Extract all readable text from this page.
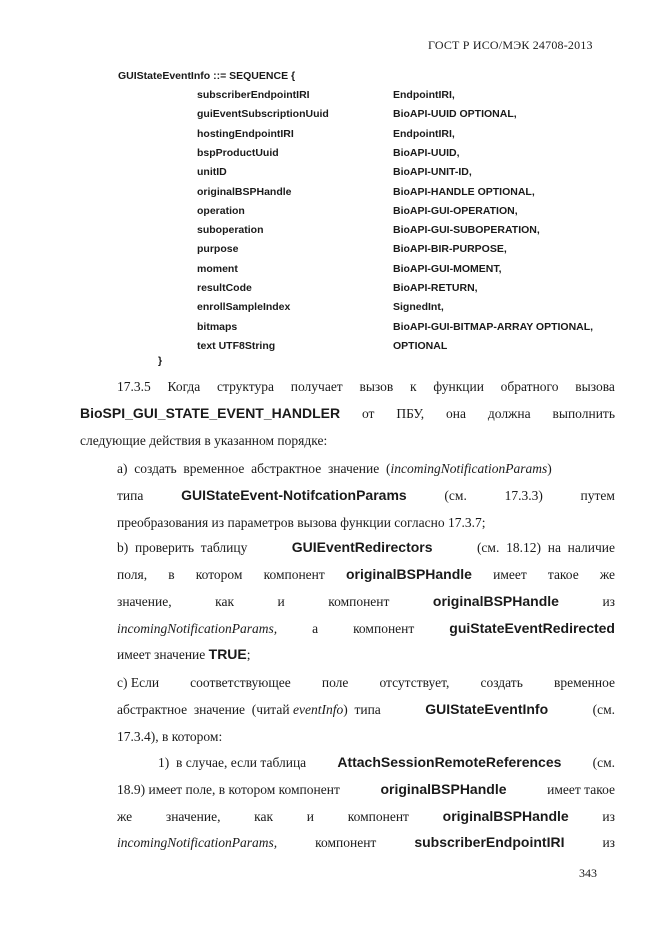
ГОСТ Р ИСО/МЭК 24708-2013
GUIStateEventInfo ::= SEQUENCE {
subscriberEndpointIRI	EndpointIRI,
guiEventSubscriptionUuid	BioAPI-UUID OPTIONAL,
hostingEndpointIRI	EndpointIRI,
bspProductUuid	BioAPI-UUID,
unitID	BioAPI-UNIT-ID,
originalBSPHandle	BioAPI-HANDLE OPTIONAL,
operation	BioAPI-GUI-OPERATION,
suboperation	BioAPI-GUI-SUBOPERATION,
purpose	BioAPI-BIR-PURPOSE,
moment	BioAPI-GUI-MOMENT,
resultCode	BioAPI-RETURN,
enrollSampleIndex	SignedInt,
bitmaps	BioAPI-GUI-BITMAP-ARRAY OPTIONAL,
text UTF8String	OPTIONAL
}
17.3.5 Когда структура получает вызов к функции обратного вызова
BioSPI_GUI_STATE_EVENT_HANDLER от ПБУ, она должна выполнить
следующие действия в указанном порядке:
а)  создать  временное  абстрактное  значение  (incomingNotificationParams)
типа	GUIStateEvent-NotifcationParams	(см.	17.3.3)	путем
преобразования из параметров вызова функции согласно 17.3.7;
b)  проверить  таблицу	GUIEventRedirectors	(см.  18.12)  на  наличие
поля, в котором компонент originalBSPHandle имеет такое же
значение,	как	и	компонент	originalBSPHandle	из
incomingNotificationParams,	а	компонент guiStateEventRedirected
имеет значение TRUE;
c) Если соответствующее поле отсутствует, создать временное
абстрактное  значение  (читай eventInfo)  типа	GUIStateEventInfo	(см.
17.3.4), в котором:
1)  в случае, если таблица AttachSessionRemoteReferences (см.
18.9) имеет поле, в котором компонент	originalBSPHandle	имеет такое
же значение, как и компонент originalBSPHandle из
incomingNotificationParams,	компонент	subscriberEndpointIRI	из
343
